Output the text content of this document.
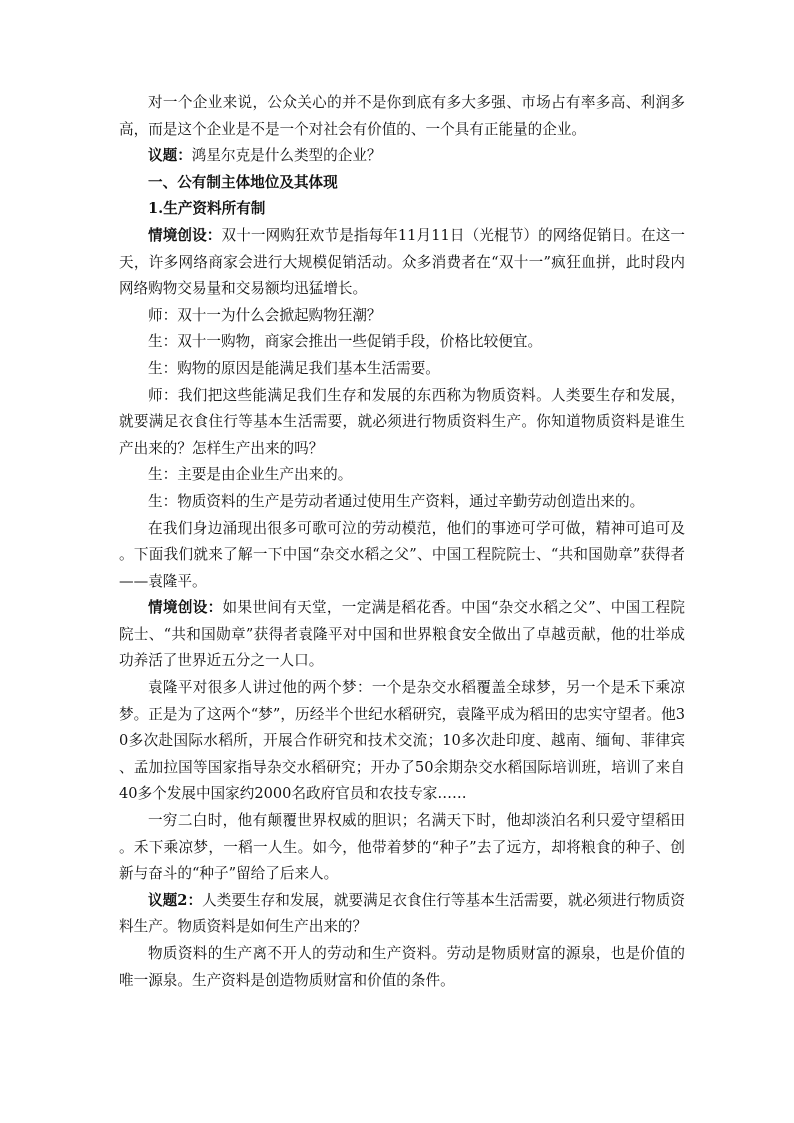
对一个企业来说，公众关心的并不是你到底有多大多强、市场占有率多高、利润多高，而是这个企业是不是一个对社会有价值的、一个具有正能量的企业。

议题：鸿星尔克是什么类型的企业？

一、公有制主体地位及其体现

1.生产资料所有制

情境创设：双十一网购狂欢节是指每年11月11日（光棍节）的网络促销日。在这一天，许多网络商家会进行大规模促销活动。众多消费者在“双十一”疯狂血拼，此时段内网络购物交易量和交易额均迅猛增长。

师：双十一为什么会掀起购物狂潮？

生：双十一购物，商家会推出一些促销手段，价格比较便宜。

生：购物的原因是能满足我们基本生活需要。

师：我们把这些能满足我们生存和发展的东西称为物质资料。人类要生存和发展，就要满足衣食住行等基本生活需要，就必须进行物质资料生产。你知道物质资料是谁生产出来的？怎样生产出来的吗？

生：主要是由企业生产出来的。

生：物质资料的生产是劳动者通过使用生产资料，通过辛勤劳动创造出来的。

在我们身边涌现出很多可歌可泣的劳动模范，他们的事迹可学可做，精神可追可及。下面我们就来了解一下中国“杂交水稻之父”、中国工程院院士、“共和国勋章”获得者——袁隆平。

情境创设：如果世间有天堂，一定满是稻花香。中国“杂交水稻之父”、中国工程院院士、“共和国勋章”获得者袁隆平对中国和世界粮食安全做出了卓越贡献，他的壮举成功养活了世界近五分之一人口。

袁隆平对很多人讲过他的两个梦：一个是杂交水稻覆盖全球梦，另一个是禾下乘凉梦。正是为了这两个“梦”，历经半个世纪水稻研究，袁隆平成为稻田的忠实守望者。他30多次赴国际水稻所，开展合作研究和技术交流；10多次赴印度、越南、缅甸、菲律宾、孟加拉国等国家指导杂交水稻研究；开办了50余期杂交水稻国际培训班，培训了来自40多个发展中国家约2000名政府官员和农技专家……

一穷二白时，他有颠覆世界权威的胆识；名满天下时，他却淡泊名利只爱守望稻田。禾下乘凉梦，一稻一人生。如今，他带着梦的“种子”去了远方，却将粮食的种子、创新与奋斗的“种子”留给了后来人。

议题2：人类要生存和发展，就要满足衣食住行等基本生活需要，就必须进行物质资料生产。物质资料是如何生产出来的？

物质资料的生产离不开人的劳动和生产资料。劳动是物质财富的源泉，也是价值的唯一源泉。生产资料是创造物质财富和价值的条件。
